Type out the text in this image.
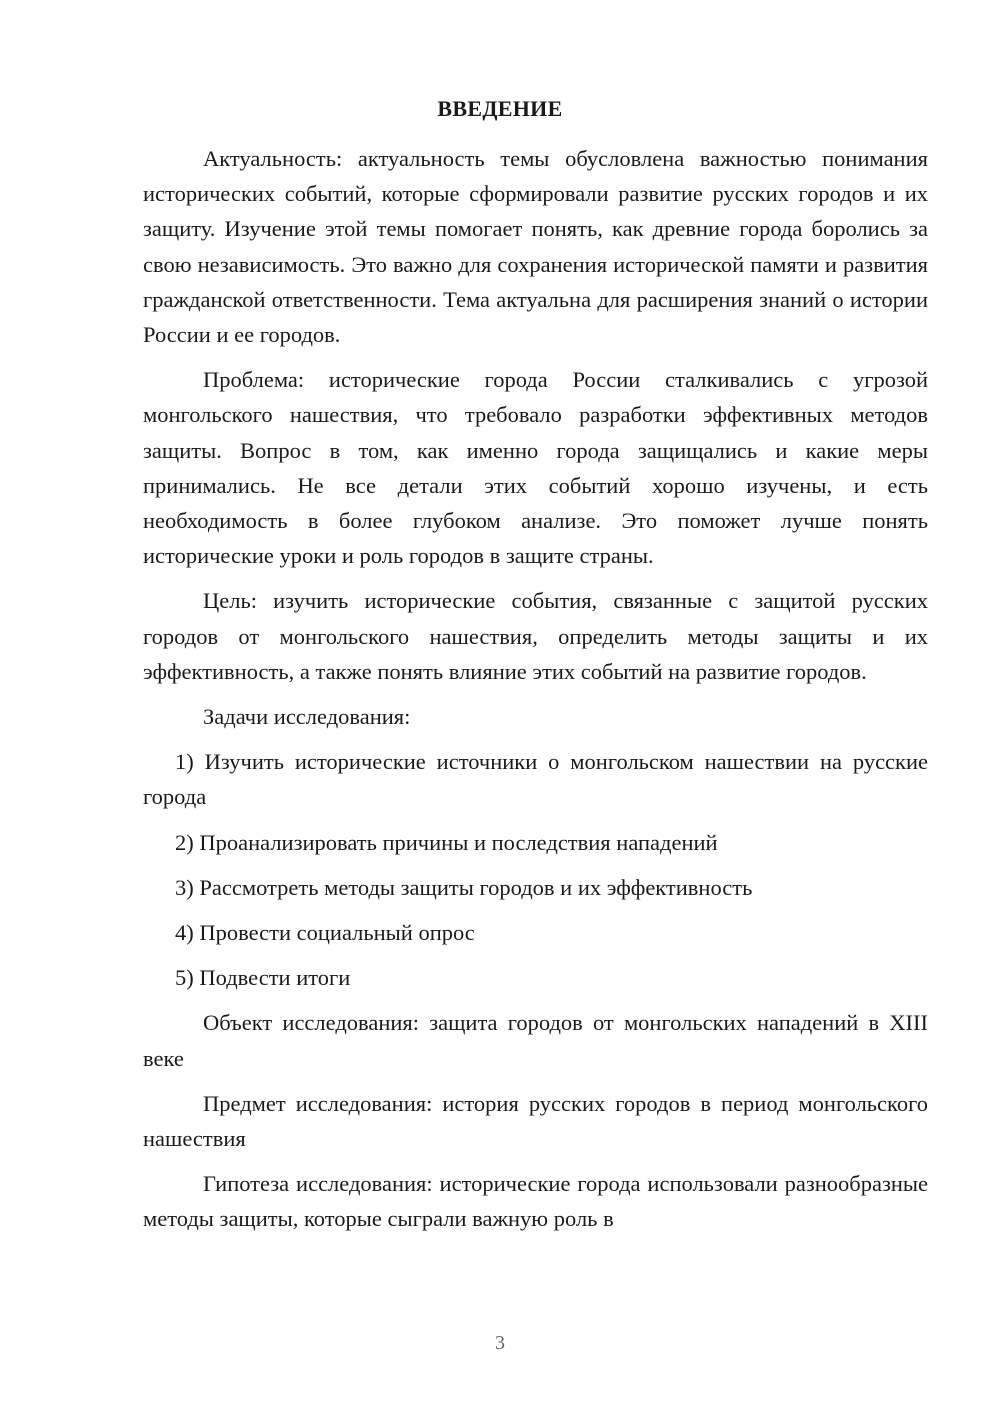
ВВЕДЕНИЕ

Актуальность: актуальность темы обусловлена важностью понимания исторических событий, которые сформировали развитие русских городов и их защиту. Изучение этой темы помогает понять, как древние города боролись за свою независимость. Это важно для сохранения исторической памяти и развития гражданской ответственности. Тема актуальна для расширения знаний о истории России и ее городов.

Проблема: исторические города России сталкивались с угрозой монгольского нашествия, что требовало разработки эффективных методов защиты. Вопрос в том, как именно города защищались и какие меры принимались. Не все детали этих событий хорошо изучены, и есть необходимость в более глубоком анализе. Это поможет лучше понять исторические уроки и роль городов в защите страны.

Цель: изучить исторические события, связанные с защитой русских городов от монгольского нашествия, определить методы защиты и их эффективность, а также понять влияние этих событий на развитие городов.

Задачи исследования:

1) Изучить исторические источники о монгольском нашествии на русские города

2) Проанализировать причины и последствия нападений

3) Рассмотреть методы защиты городов и их эффективность

4) Провести социальный опрос

5) Подвести итоги

Объект исследования: защита городов от монгольских нападений в XIII веке

Предмет исследования: история русских городов в период монгольского нашествия

Гипотеза исследования: исторические города использовали разнообразные методы защиты, которые сыграли важную роль в

3
